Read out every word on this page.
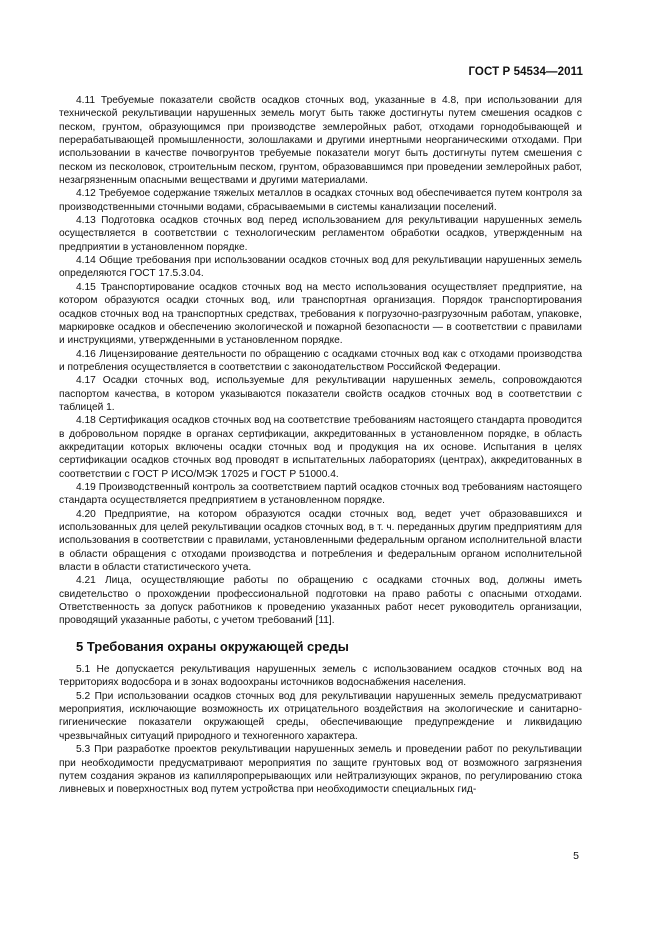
ГОСТ Р 54534—2011

4.11 Требуемые показатели свойств осадков сточных вод, указанные в 4.8, при использовании для технической рекультивации нарушенных земель могут быть также достигнуты путем смешения осадков с песком, грунтом, образующимся при производстве землеройных работ, отходами горнодобывающей и перерабатывающей промышленности, золошлаками и другими инертными неорганическими отходами. При использовании в качестве почвогрунтов требуемые показатели могут быть достигнуты путем смешения с песком из песколовок, строительным песком, грунтом, образовавшимся при проведении землеройных работ, незагрязненным опасными веществами и другими материалами.

4.12 Требуемое содержание тяжелых металлов в осадках сточных вод обеспечивается путем контроля за производственными сточными водами, сбрасываемыми в системы канализации поселений.

4.13 Подготовка осадков сточных вод перед использованием для рекультивации нарушенных земель осуществляется в соответствии с технологическим регламентом обработки осадков, утвержденным на предприятии в установленном порядке.

4.14 Общие требования при использовании осадков сточных вод для рекультивации нарушенных земель определяются ГОСТ 17.5.3.04.

4.15 Транспортирование осадков сточных вод на место использования осуществляет предприятие, на котором образуются осадки сточных вод, или транспортная организация. Порядок транспортирования осадков сточных вод на транспортных средствах, требования к погрузочно-разгрузочным работам, упаковке, маркировке осадков и обеспечению экологической и пожарной безопасности — в соответствии с правилами и инструкциями, утвержденными в установленном порядке.

4.16 Лицензирование деятельности по обращению с осадками сточных вод как с отходами производства и потребления осуществляется в соответствии с законодательством Российской Федерации.

4.17 Осадки сточных вод, используемые для рекультивации нарушенных земель, сопровождаются паспортом качества, в котором указываются показатели свойств осадков сточных вод в соответствии с таблицей 1.

4.18 Сертификация осадков сточных вод на соответствие требованиям настоящего стандарта проводится в добровольном порядке в органах сертификации, аккредитованных в установленном порядке, в область аккредитации которых включены осадки сточных вод и продукция на их основе. Испытания в целях сертификации осадков сточных вод проводят в испытательных лабораториях (центрах), аккредитованных в соответствии с ГОСТ Р ИСО/МЭК 17025 и ГОСТ Р 51000.4.

4.19 Производственный контроль за соответствием партий осадков сточных вод требованиям настоящего стандарта осуществляется предприятием в установленном порядке.

4.20 Предприятие, на котором образуются осадки сточных вод, ведет учет образовавшихся и использованных для целей рекультивации осадков сточных вод, в т. ч. переданных другим предприятиям для использования в соответствии с правилами, установленными федеральным органом исполнительной власти в области обращения с отходами производства и потребления и федеральным органом исполнительной власти в области статистического учета.

4.21 Лица, осуществляющие работы по обращению с осадками сточных вод, должны иметь свидетельство о прохождении профессиональной подготовки на право работы с опасными отходами. Ответственность за допуск работников к проведению указанных работ несет руководитель организации, проводящий указанные работы, с учетом требований [11].

5 Требования охраны окружающей среды

5.1 Не допускается рекультивация нарушенных земель с использованием осадков сточных вод на территориях водосбора и в зонах водоохраны источников водоснабжения населения.

5.2 При использовании осадков сточных вод для рекультивации нарушенных земель предусматривают мероприятия, исключающие возможность их отрицательного воздействия на экологические и санитарно-гигиенические показатели окружающей среды, обеспечивающие предупреждение и ликвидацию чрезвычайных ситуаций природного и техногенного характера.

5.3 При разработке проектов рекультивации нарушенных земель и проведении работ по рекультивации при необходимости предусматривают мероприятия по защите грунтовых вод от возможного загрязнения путем создания экранов из капилляропрерывающих или нейтрализующих экранов, по регулированию стока ливневых и поверхностных вод путем устройства при необходимости специальных гид-

5
